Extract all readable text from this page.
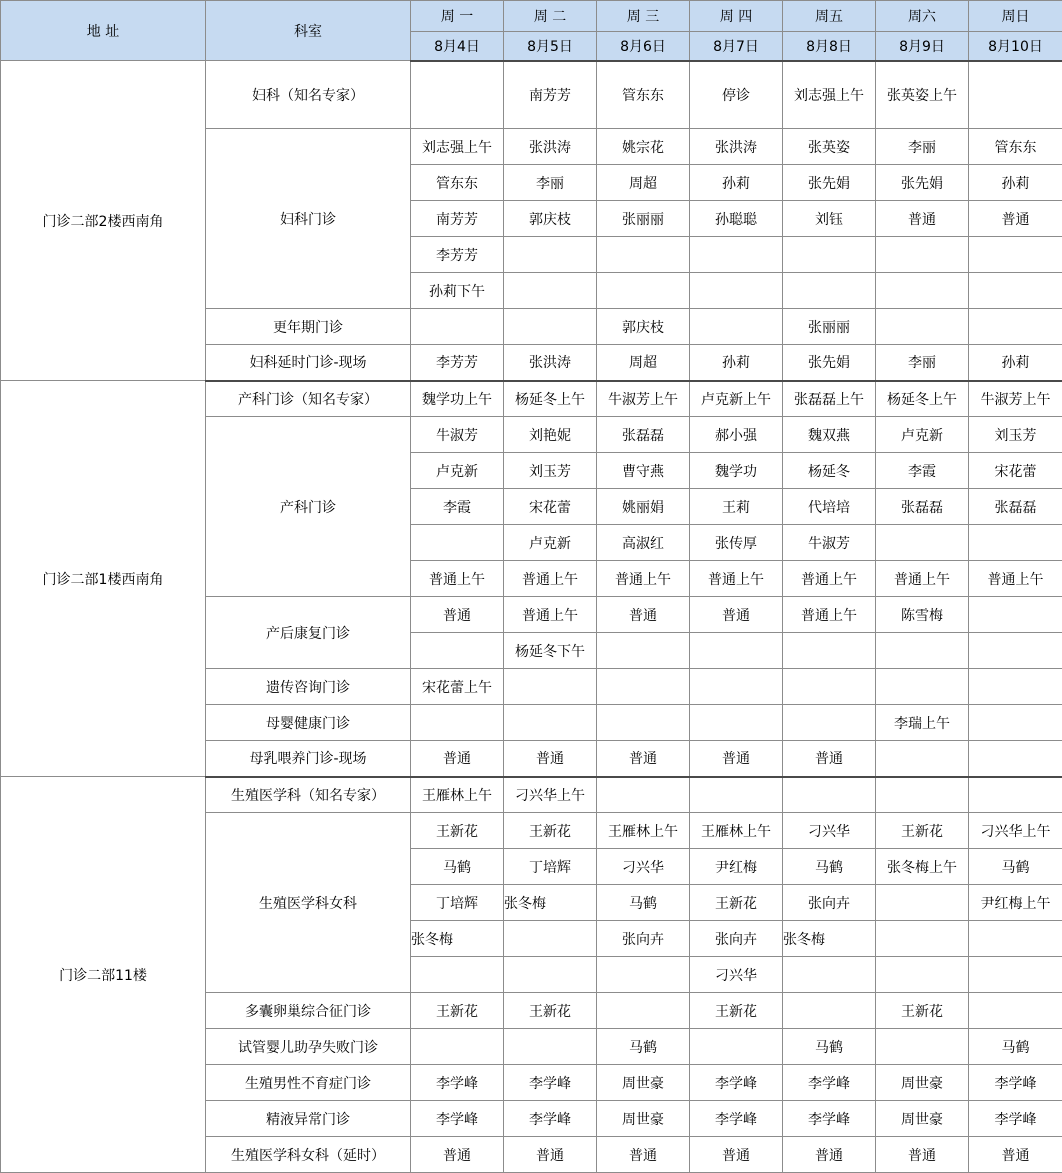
地 址	科室	周 一	周 二	周 三	周 四	周五	周六	周日
		8月4日	8月5日	8月6日	8月7日	8月8日	8月9日	8月10日
门诊二部2楼西南角	妇科（知名专家）		南芳芳	管东东	停诊	刘志强上午	张英姿上午	
	妇科门诊	刘志强上午	张洪涛	姚宗花	张洪涛	张英姿	李丽	管东东
		管东东	李丽	周超	孙莉	张先娟	张先娟	孙莉
		南芳芳	郭庆枝	张丽丽	孙聪聪	刘钰	普通	普通
		李芳芳						
		孙莉下午						
	更年期门诊			郭庆枝		张丽丽		
	妇科延时门诊-现场	李芳芳	张洪涛	周超	孙莉	张先娟	李丽	孙莉
门诊二部1楼西南角	产科门诊（知名专家）	魏学功上午	杨延冬上午	牛淑芳上午	卢克新上午	张磊磊上午	杨延冬上午	牛淑芳上午
	产科门诊	牛淑芳	刘艳妮	张磊磊	郝小强	魏双燕	卢克新	刘玉芳
		卢克新	刘玉芳	曹守燕	魏学功	杨延冬	李霞	宋花蕾
		李霞	宋花蕾	姚丽娟	王莉	代培培	张磊磊	张磊磊
			卢克新	高淑红	张传厚	牛淑芳		
		普通上午	普通上午	普通上午	普通上午	普通上午	普通上午	普通上午
	产后康复门诊	普通	普通上午	普通	普通	普通上午	陈雪梅	
			杨延冬下午					
	遗传咨询门诊	宋花蕾上午						
	母婴健康门诊						李瑞上午	
	母乳喂养门诊-现场	普通	普通	普通	普通	普通		
门诊二部11楼	生殖医学科（知名专家）	王雁林上午	刁兴华上午					
	生殖医学科女科	王新花	王新花	王雁林上午	王雁林上午	刁兴华	王新花	刁兴华上午
		马鹤	丁培辉	刁兴华	尹红梅	马鹤	张冬梅上午	马鹤
		丁培辉	张冬梅	马鹤	王新花	张向卉		尹红梅上午
		张冬梅		张向卉	张向卉	张冬梅		
					刁兴华			
	多囊卵巢综合征门诊	王新花	王新花		王新花		王新花	
	试管婴儿助孕失败门诊			马鹤		马鹤		马鹤
	生殖男性不育症门诊	李学峰	李学峰	周世豪	李学峰	李学峰	周世豪	李学峰
	精液异常门诊	李学峰	李学峰	周世豪	李学峰	李学峰	周世豪	李学峰
	生殖医学科女科（延时）	普通	普通	普通	普通	普通	普通	普通
